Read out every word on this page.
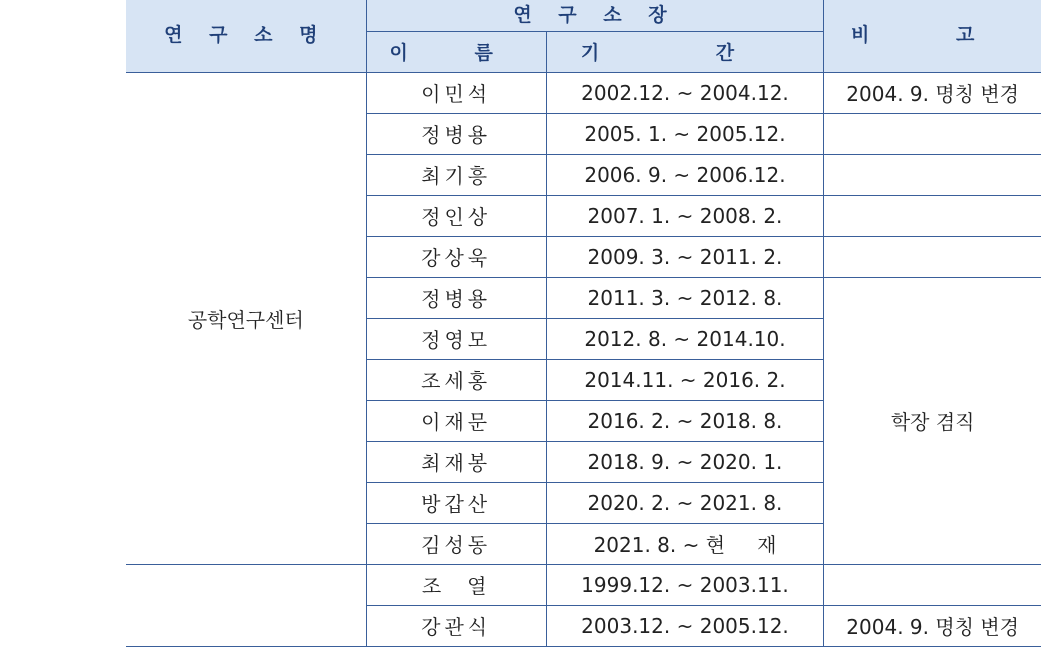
연 구 소 명	연 구 소 장		비 고
	이 름	기 간	
공학연구센터	이민석	2002.12. ~ 2004.12.	2004. 9. 명칭 변경
	정병용	2005. 1. ~ 2005.12.	
	최기흥	2006. 9. ~ 2006.12.	
	정인상	2007. 1. ~ 2008. 2.	
	강상욱	2009. 3. ~ 2011. 2.	
	정병용	2011. 3. ~ 2012. 8.	학장 겸직
	정영모	2012. 8. ~ 2014.10.	
	조세홍	2014.11. ~ 2016. 2.	
	이재문	2016. 2. ~ 2018. 8.	
	최재봉	2018. 9. ~ 2020. 1.	
	방갑산	2020. 2. ~ 2021. 8.	
	김성동	2021. 8. ~ 현 재	
	조 열	1999.12. ~ 2003.11.	
	강관식	2003.12. ~ 2005.12.	2004. 9. 명칭 변경
